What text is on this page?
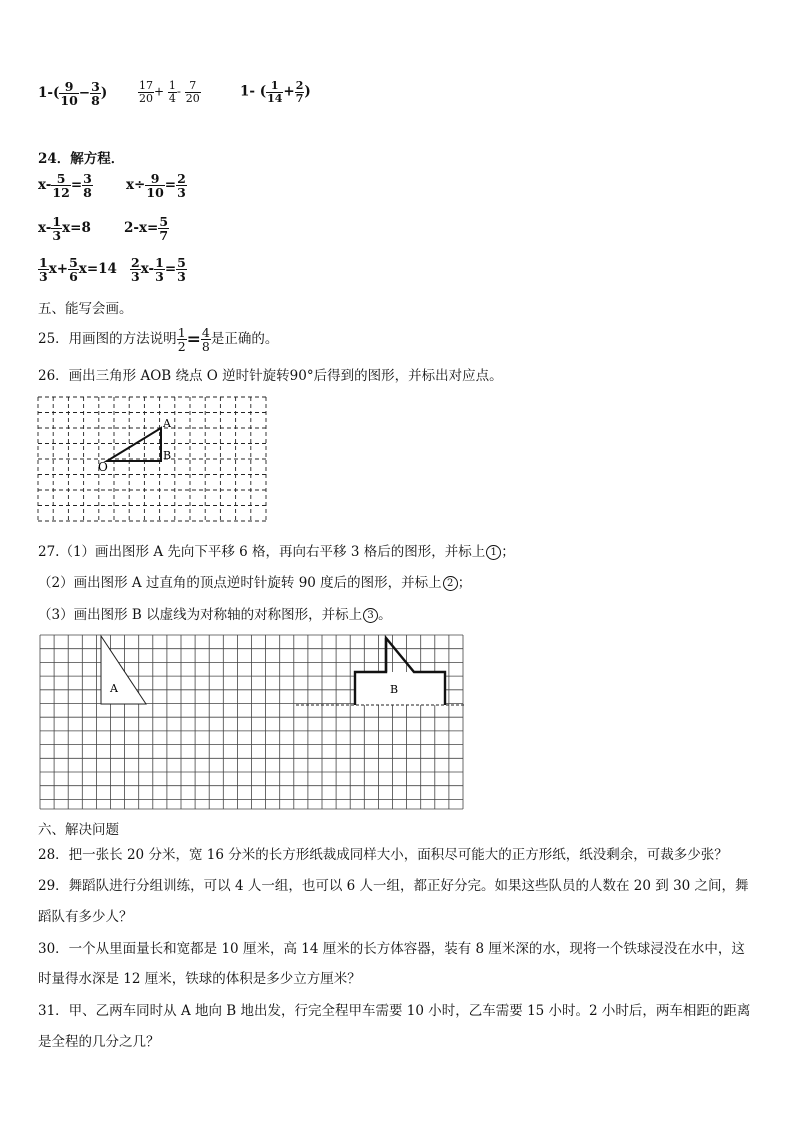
$1-( \frac{9}{10} - \frac{3}{8}$ )	$\frac{17}{20} + \frac{1}{4} - \frac{7}{20}$	1- ( $\frac{1}{14} + \frac{2}{7}$ )
24．解方程．
$x- \frac{5}{12} = \frac{3}{8} x\div \frac{9}{10} = \frac{2}{3}$
$x- \frac{1}{3} x=8$ $2-x= \frac{5}{7}$
$\frac{1}{3} x+ \frac{5}{6} x=14 \frac{2}{3} x- \frac{1}{3} = \frac{5}{3}$
五、能写会画。
25．用画图的方法说明 $\frac{1}{2} = \frac{4}{8}$ 是正确的。
26．画出三角形 AOB 绕点 O 逆时针旋转90°后得到的图形，并标出对应点。
A
B
O
27.（1）画出图形 A 先向下平移 6 格，再向右平移 3 格后的图形，并标上 1 ；
（2）画出图形 A 过直角的顶点逆时针旋转 90 度后的图形，并标上 2 ；
（3）画出图形 B 以虚线为对称轴的对称图形，并标上 3 。
A	B
六、解决问题
28．把一张长 20 分米，宽 16 分米的长方形纸裁成同样大小，面积尽可能大的正方形纸，纸没剩余，可裁多少张？
29．舞蹈队进行分组训练，可以 4 人一组，也可以 6 人一组，都正好分完。如果这些队员的人数在 20 到 30 之间，舞
蹈队有多少人？
30．一个从里面量长和宽都是 10 厘米，高 14 厘米的长方体容器，装有 8 厘米深的水，现将一个铁球浸没在水中，这
时量得水深是 12 厘米，铁球的体积是多少立方厘米？
31．甲、乙两车同时从 A 地向 B 地出发，行完全程甲车需要 10 小时，乙车需要 15 小时。2 小时后，两车相距的距离
是全程的几分之几？
